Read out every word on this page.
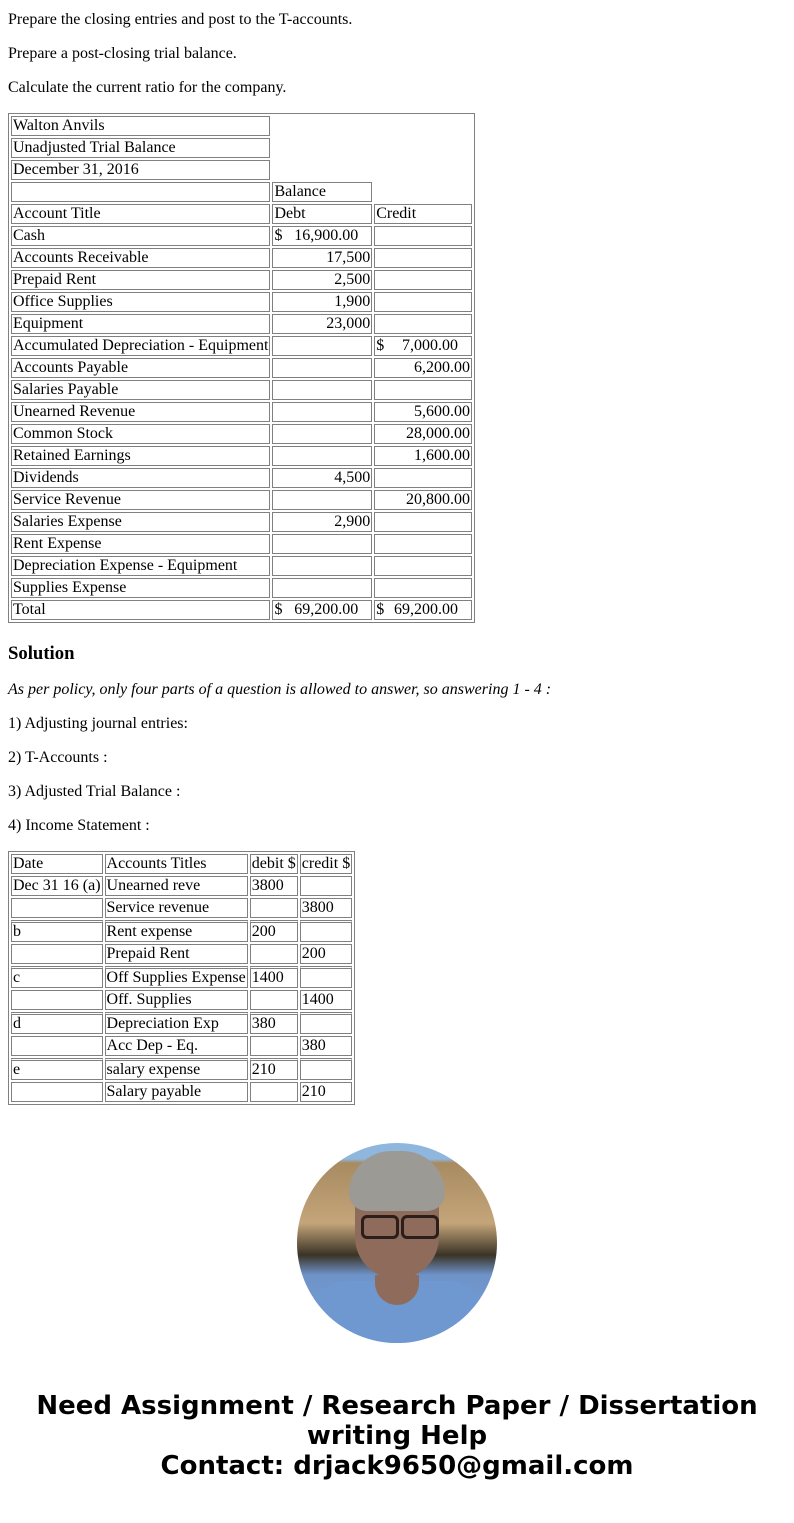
Prepare the closing entries and post to the T-accounts.

Prepare a post-closing trial balance.

Calculate the current ratio for the company.

Walton Anvils		
Unadjusted Trial Balance		
December 31, 2016		
	Balance	
Account Title	Debt	Credit
Cash	$ 16,900.00	

Accounts Receivable	17,500	
Prepaid Rent	2,500	
Office Supplies	1,900	
Equipment	23,000	
Accumulated Depreciation - Equipment		$ 7,000.00

Accounts Payable		6,200.00
Salaries Payable		
Unearned Revenue		5,600.00
Common Stock		28,000.00
Retained Earnings		1,600.00
Dividends	4,500	
Service Revenue		20,800.00
Salaries Expense	2,900	
Rent Expense		
Depreciation Expense - Equipment		
Supplies Expense		
Total	$ 69,200.00	$ 69,200.00
Solution

As per policy, only four parts of a question is allowed to answer, so answering 1 - 4 :

1) Adjusting journal entries:

2) T-Accounts :

3) Adjusted Trial Balance :

4) Income Statement :

Date	Accounts Titles	debit $	credit $
Dec 31 16 (a)	Unearned reve	3800	
	Service revenue		3800
b	Rent expense	200	
	Prepaid Rent		200
c	Off Supplies Expense	1400	
	Off. Supplies		1400
d	Depreciation Exp	380	
	Acc Dep - Eq.		380
e	salary expense	210	
	Salary payable		210
Need Assignment / Research Paper / Dissertation
writing Help
Contact: drjack9650@gmail.com
